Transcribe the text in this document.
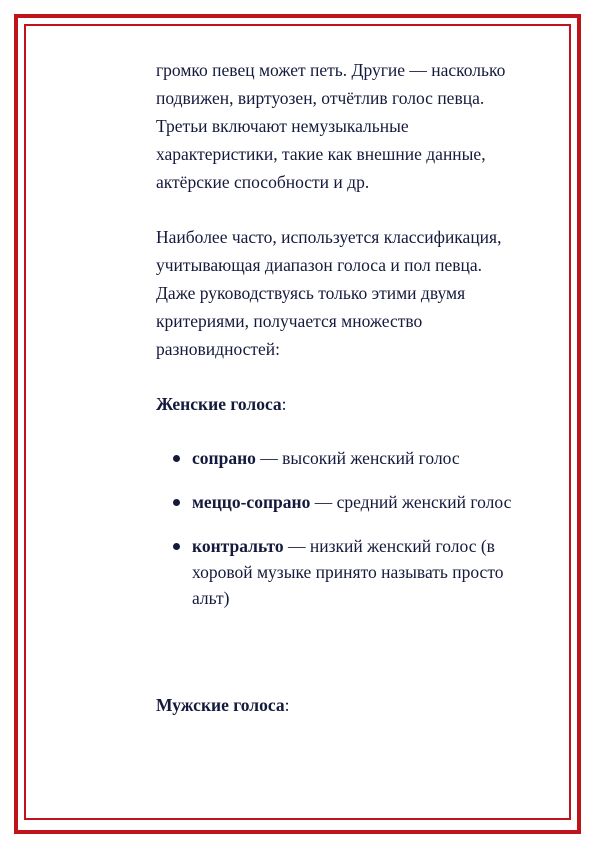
громко певец может петь. Другие — насколько подвижен, виртуозен, отчётлив голос певца. Третьи включают немузыкальные характеристики, такие как внешние данные, актёрские способности и др.

Наиболее часто, используется классификация, учитывающая диапазон голоса и пол певца. Даже руководствуясь только этими двумя критериями, получается множество разновидностей:

Женские голоса:

сопрано — высокий женский голос
меццо-сопрано — средний женский голос
контральто — низкий женский голос (в хоровой музыке принято называть просто альт)

Мужские голоса:
